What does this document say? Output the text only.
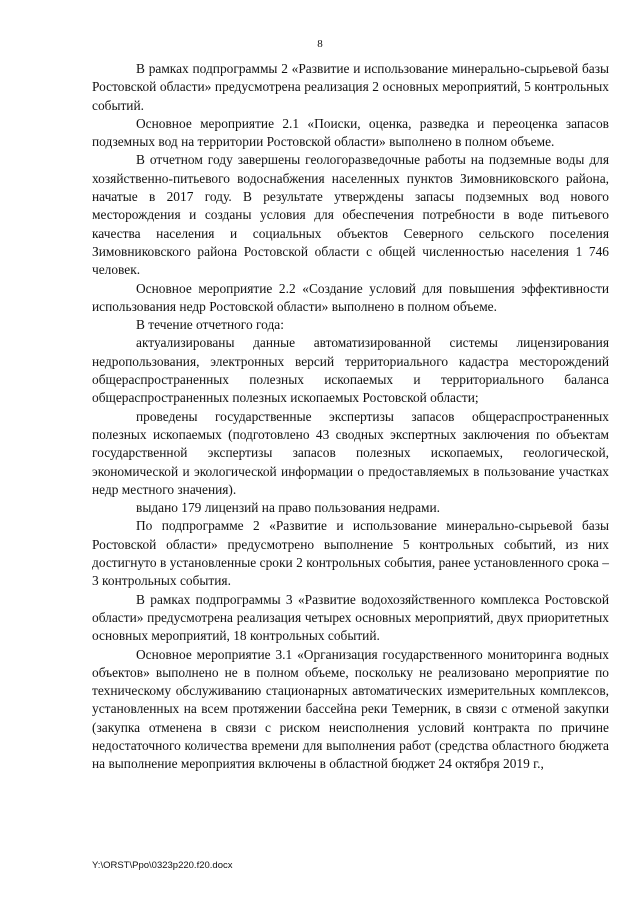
8

В рамках подпрограммы 2 «Развитие и использование минерально-сырьевой базы Ростовской области» предусмотрена реализация 2 основных мероприятий, 5 контрольных событий.

Основное мероприятие 2.1 «Поиски, оценка, разведка и переоценка запасов подземных вод на территории Ростовской области» выполнено в полном объеме.

В отчетном году завершены геологоразведочные работы на подземные воды для хозяйственно-питьевого водоснабжения населенных пунктов Зимовниковского района, начатые в 2017 году. В результате утверждены запасы подземных вод нового месторождения и созданы условия для обеспечения потребности в воде питьевого качества населения и социальных объектов Северного сельского поселения Зимовниковского района Ростовской области с общей численностью населения 1 746 человек.

Основное мероприятие 2.2 «Создание условий для повышения эффективности использования недр Ростовской области» выполнено в полном объеме.

В течение отчетного года:

актуализированы данные автоматизированной системы лицензирования недропользования, электронных версий территориального кадастра месторождений общераспространенных полезных ископаемых и территориального баланса общераспространенных полезных ископаемых Ростовской области;

проведены государственные экспертизы запасов общераспространенных полезных ископаемых (подготовлено 43 сводных экспертных заключения по объектам государственной экспертизы запасов полезных ископаемых, геологической, экономической и экологической информации о предоставляемых в пользование участках недр местного значения).

выдано 179 лицензий на право пользования недрами.

По подпрограмме 2 «Развитие и использование минерально-сырьевой базы Ростовской области» предусмотрено выполнение 5 контрольных событий, из них достигнуто в установленные сроки 2 контрольных события, ранее установленного срока – 3 контрольных события.

В рамках подпрограммы 3 «Развитие водохозяйственного комплекса Ростовской области» предусмотрена реализация четырех основных мероприятий, двух приоритетных основных мероприятий, 18 контрольных событий.

Основное мероприятие 3.1 «Организация государственного мониторинга водных объектов» выполнено не в полном объеме, поскольку не реализовано мероприятие по техническому обслуживанию стационарных автоматических измерительных комплексов, установленных на всем протяжении бассейна реки Темерник, в связи с отменой закупки (закупка отменена в связи с риском неисполнения условий контракта по причине недостаточного количества времени для выполнения работ (средства областного бюджета на выполнение мероприятия включены в областной бюджет 24 октября 2019 г.,

Y:\ORST\Ppo\0323p220.f20.docx
